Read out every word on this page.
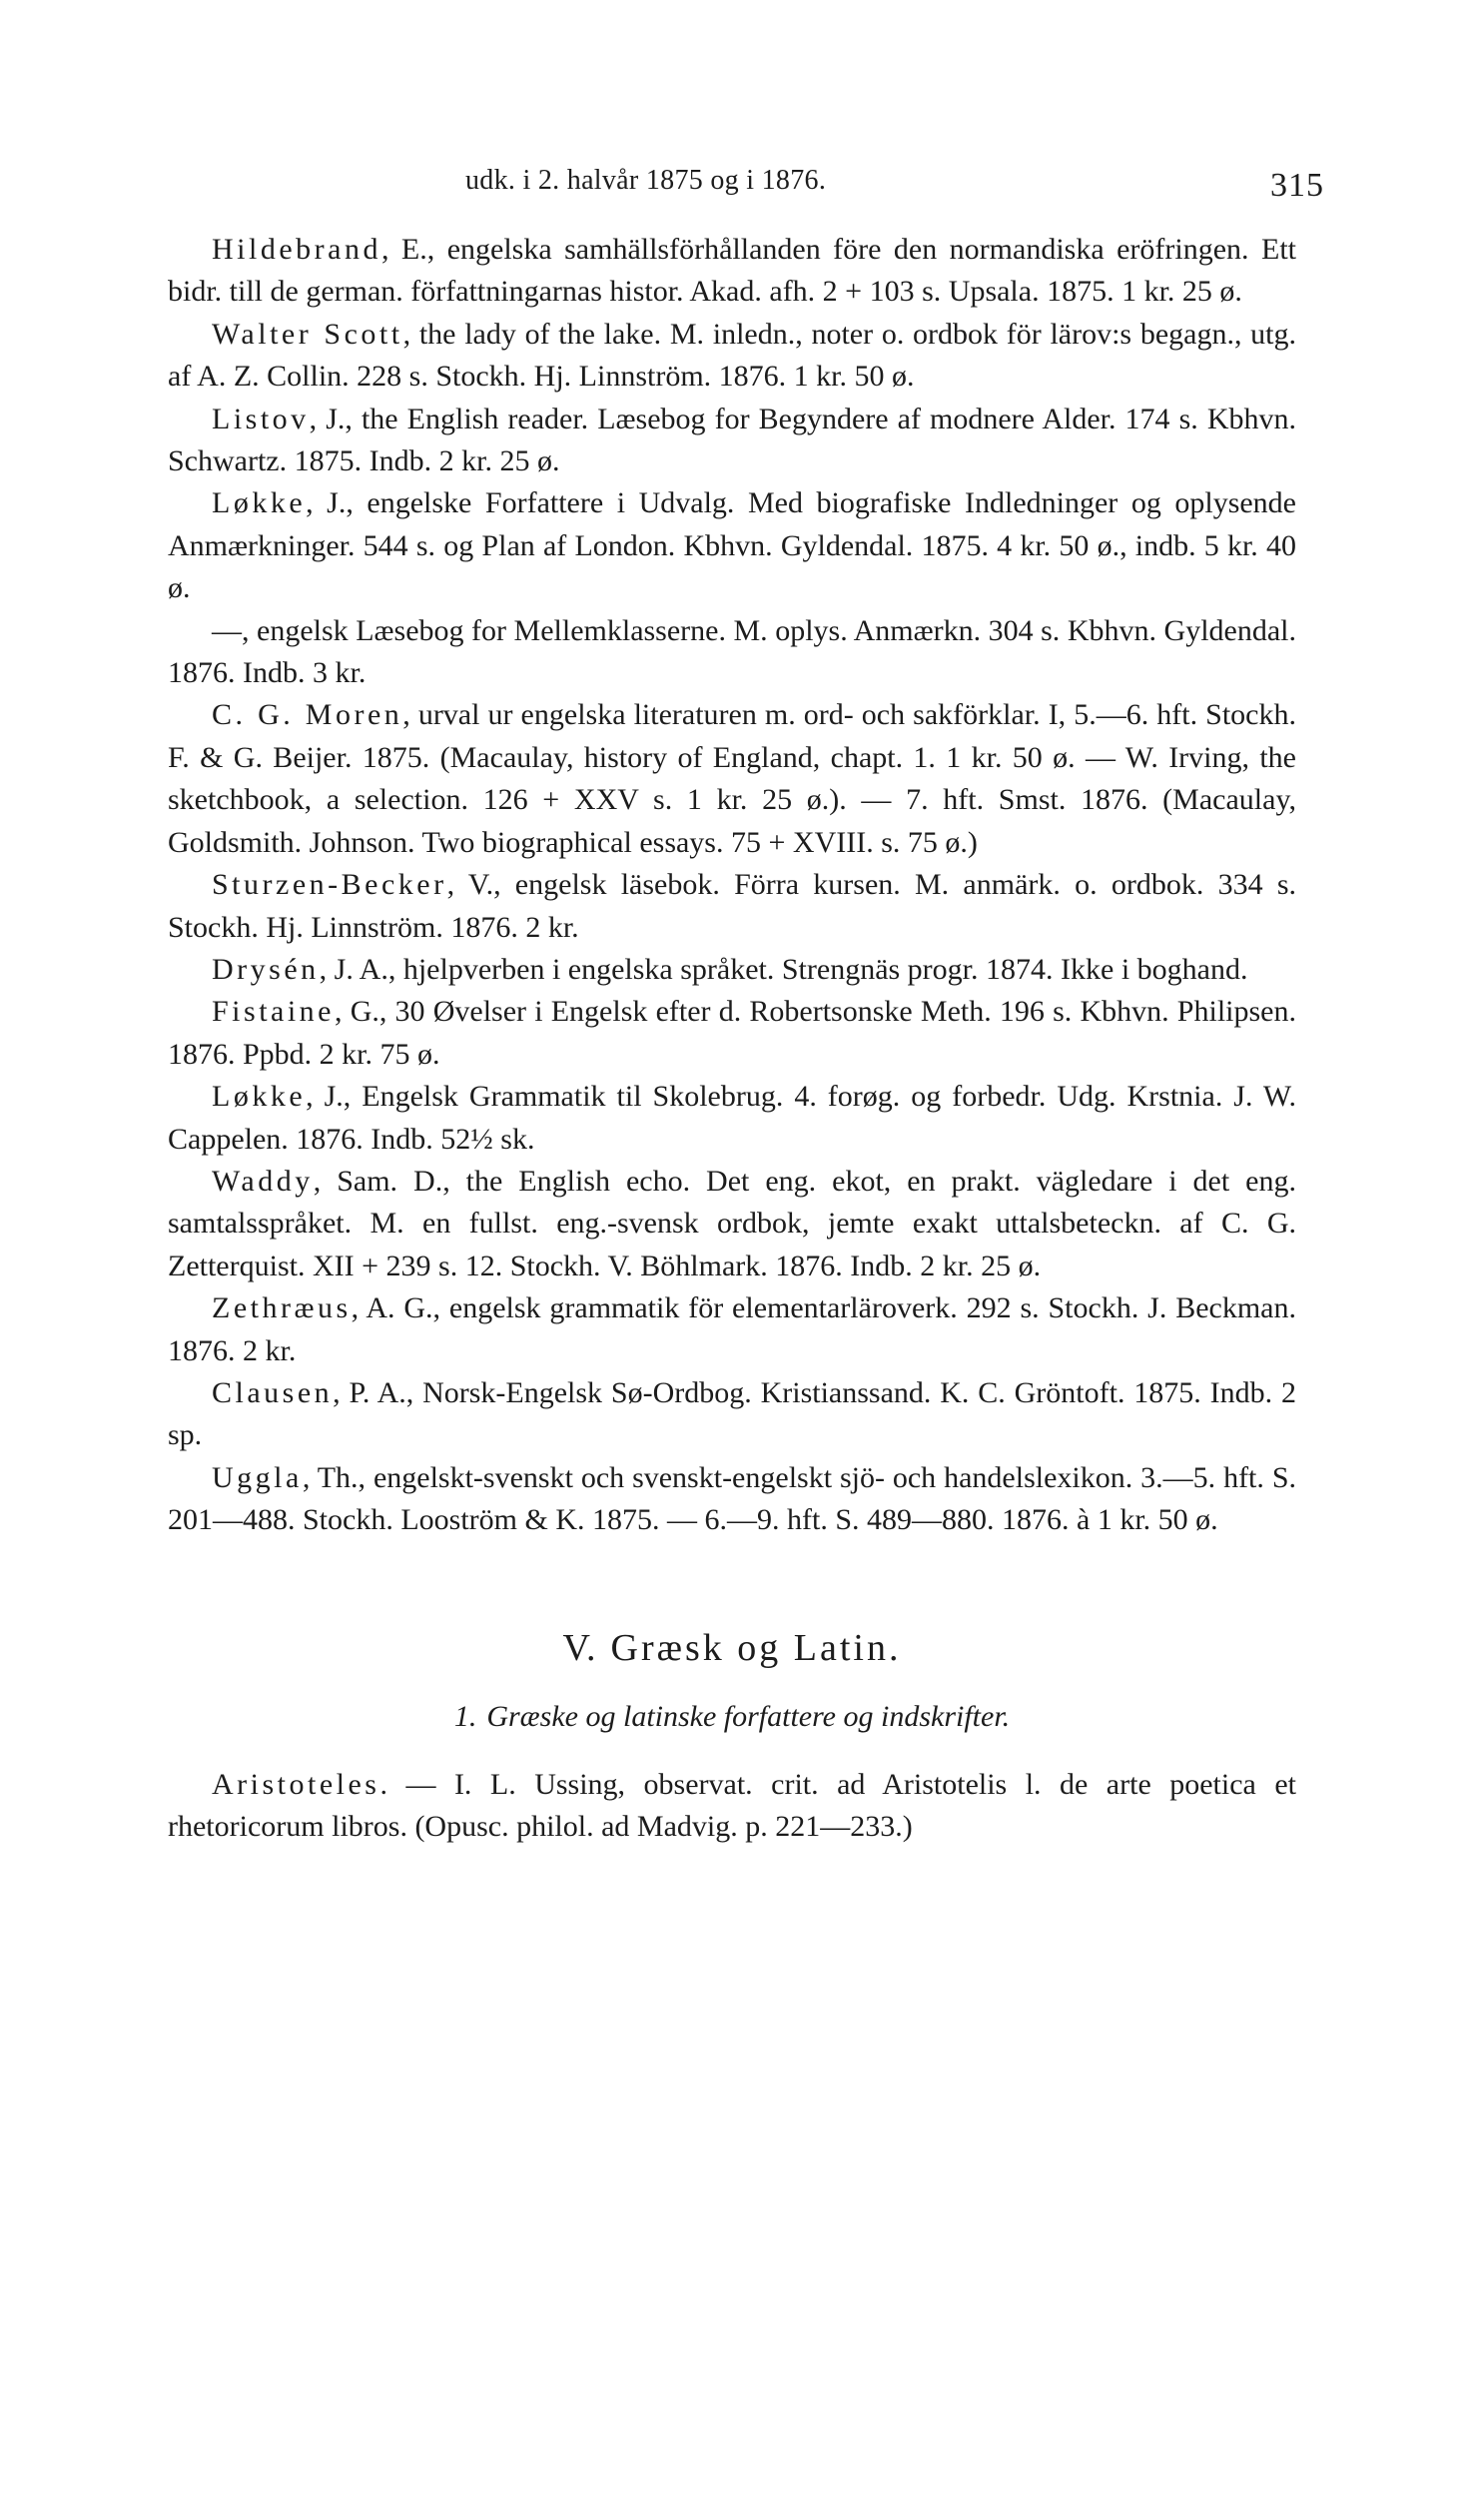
udk. i 2. halvår 1875 og i 1876.	315

Hildebrand, E., engelska samhällsförhållanden före den normandiska eröfringen. Ett bidr. till de german. författningarnas histor. Akad. afh. 2 + 103 s. Upsala. 1875. 1 kr. 25 ø.

Walter Scott, the lady of the lake. M. inledn., noter o. ordbok för lärov:s begagn., utg. af A. Z. Collin. 228 s. Stockh. Hj. Linnström. 1876. 1 kr. 50 ø.

Listov, J., the English reader. Læsebog for Begyndere af modnere Alder. 174 s. Kbhvn. Schwartz. 1875. Indb. 2 kr. 25 ø.

Løkke, J., engelske Forfattere i Udvalg. Med biografiske Indledninger og oplysende Anmærkninger. 544 s. og Plan af London. Kbhvn. Gyldendal. 1875. 4 kr. 50 ø., indb. 5 kr. 40 ø.

—, engelsk Læsebog for Mellemklasserne. M. oplys. Anmærkn. 304 s. Kbhvn. Gyldendal. 1876. Indb. 3 kr.

C. G. Moren, urval ur engelska literaturen m. ord- och sakförklar. I, 5.—6. hft. Stockh. F. & G. Beijer. 1875. (Macaulay, history of England, chapt. 1. 1 kr. 50 ø. — W. Irving, the sketchbook, a selection. 126 + XXV s. 1 kr. 25 ø.). — 7. hft. Smst. 1876. (Macaulay, Goldsmith. Johnson. Two biographical essays. 75 + XVIII. s. 75 ø.)

Sturzen-Becker, V., engelsk läsebok. Förra kursen. M. anmärk. o. ordbok. 334 s. Stockh. Hj. Linnström. 1876. 2 kr.

Drysén, J. A., hjelpverben i engelska språket. Strengnäs progr. 1874. Ikke i boghand.

Fistaine, G., 30 Øvelser i Engelsk efter d. Robertsonske Meth. 196 s. Kbhvn. Philipsen. 1876. Ppbd. 2 kr. 75 ø.

Løkke, J., Engelsk Grammatik til Skolebrug. 4. forøg. og forbedr. Udg. Krstnia. J. W. Cappelen. 1876. Indb. 52½ sk.

Waddy, Sam. D., the English echo. Det eng. ekot, en prakt. vägledare i det eng. samtalsspråket. M. en fullst. eng.-svensk ordbok, jemte exakt uttalsbeteckn. af C. G. Zetterquist. XII + 239 s. 12. Stockh. V. Böhlmark. 1876. Indb. 2 kr. 25 ø.

Zethræus, A. G., engelsk grammatik för elementarläroverk. 292 s. Stockh. J. Beckman. 1876. 2 kr.

Clausen, P. A., Norsk-Engelsk Sø-Ordbog. Kristianssand. K. C. Gröntoft. 1875. Indb. 2 sp.

Uggla, Th., engelskt-svenskt och svenskt-engelskt sjö- och handelslexikon. 3.—5. hft. S. 201—488. Stockh. Looström & K. 1875. — 6.—9. hft. S. 489—880. 1876. à 1 kr. 50 ø.

V. Græsk og Latin.
1. Græske og latinske forfattere og indskrifter.

Aristoteles. — I. L. Ussing, observat. crit. ad Aristotelis l. de arte poetica et rhetoricorum libros. (Opusc. philol. ad Madvig. p. 221—233.)
